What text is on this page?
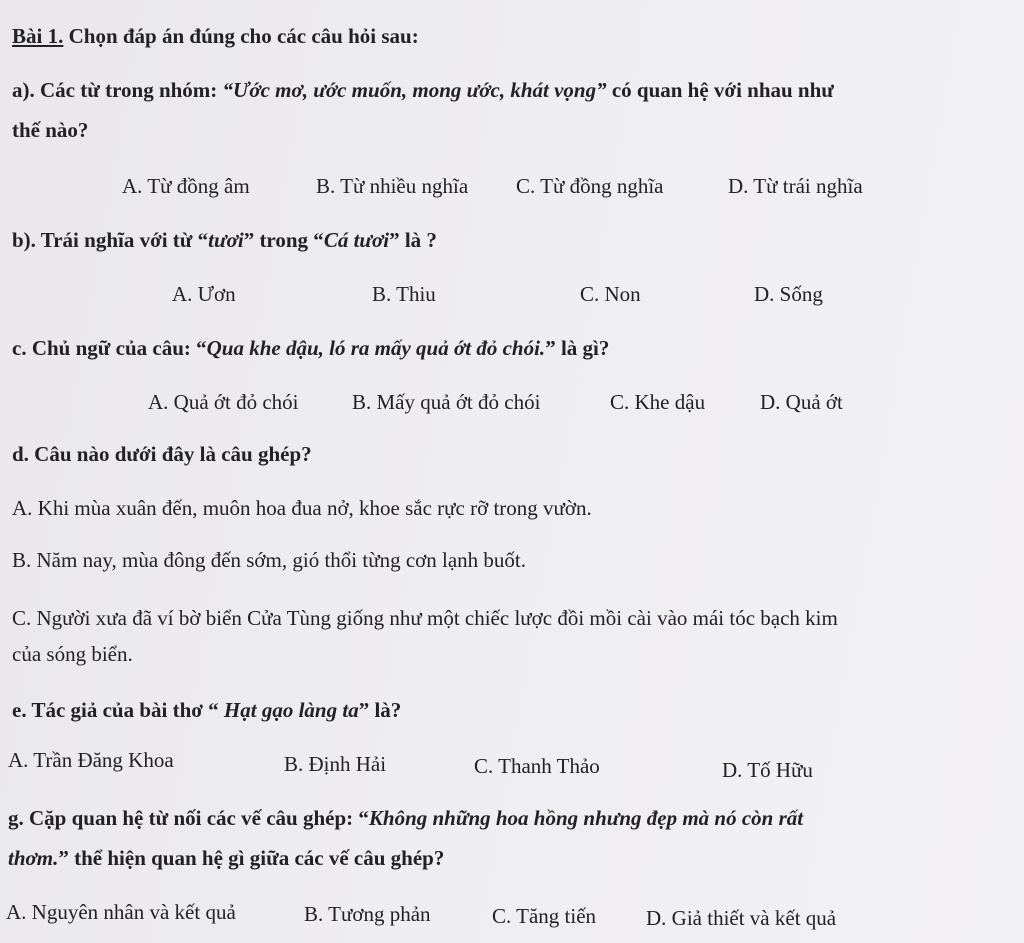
Bài 1. Chọn đáp án đúng cho các câu hỏi sau:
a). Các từ trong nhóm: “Ước mơ, ước muốn, mong ước, khát vọng” có quan hệ với nhau như
thế nào?
A. Từ đồng âm	B. Từ nhiều nghĩa C. Từ đồng nghĩa	D. Từ trái nghĩa
b). Trái nghĩa với từ “tươi” trong “Cá tươi” là ?
A. Ươn	B. Thiu	C. Non	D. Sống
c. Chủ ngữ của câu: “Qua khe dậu, ló ra mấy quả ớt đỏ chói.” là gì?
A. Quả ớt đỏ chói	B. Mấy quả ớt đỏ chói	C. Khe dậu	D. Quả ớt
d. Câu nào dưới đây là câu ghép?
A. Khi mùa xuân đến, muôn hoa đua nở, khoe sắc rực rỡ trong vườn.
B. Năm nay, mùa đông đến sớm, gió thổi từng cơn lạnh buốt.
C. Người xưa đã ví bờ biển Cửa Tùng giống như một chiếc lược đồi mồi cài vào mái tóc bạch kim
của sóng biển.
e. Tác giả của bài thơ “ Hạt gạo làng ta” là?
A. Trần Đăng Khoa	B. Định Hải	C. Thanh Thảo	D. Tố Hữu
g. Cặp quan hệ từ nối các vế câu ghép: “Không những hoa hồng nhưng đẹp mà nó còn rất
thơm.” thể hiện quan hệ gì giữa các vế câu ghép?
A. Nguyên nhân và kết quả	B. Tương phản	C. Tăng tiến D. Giả thiết và kết quả
